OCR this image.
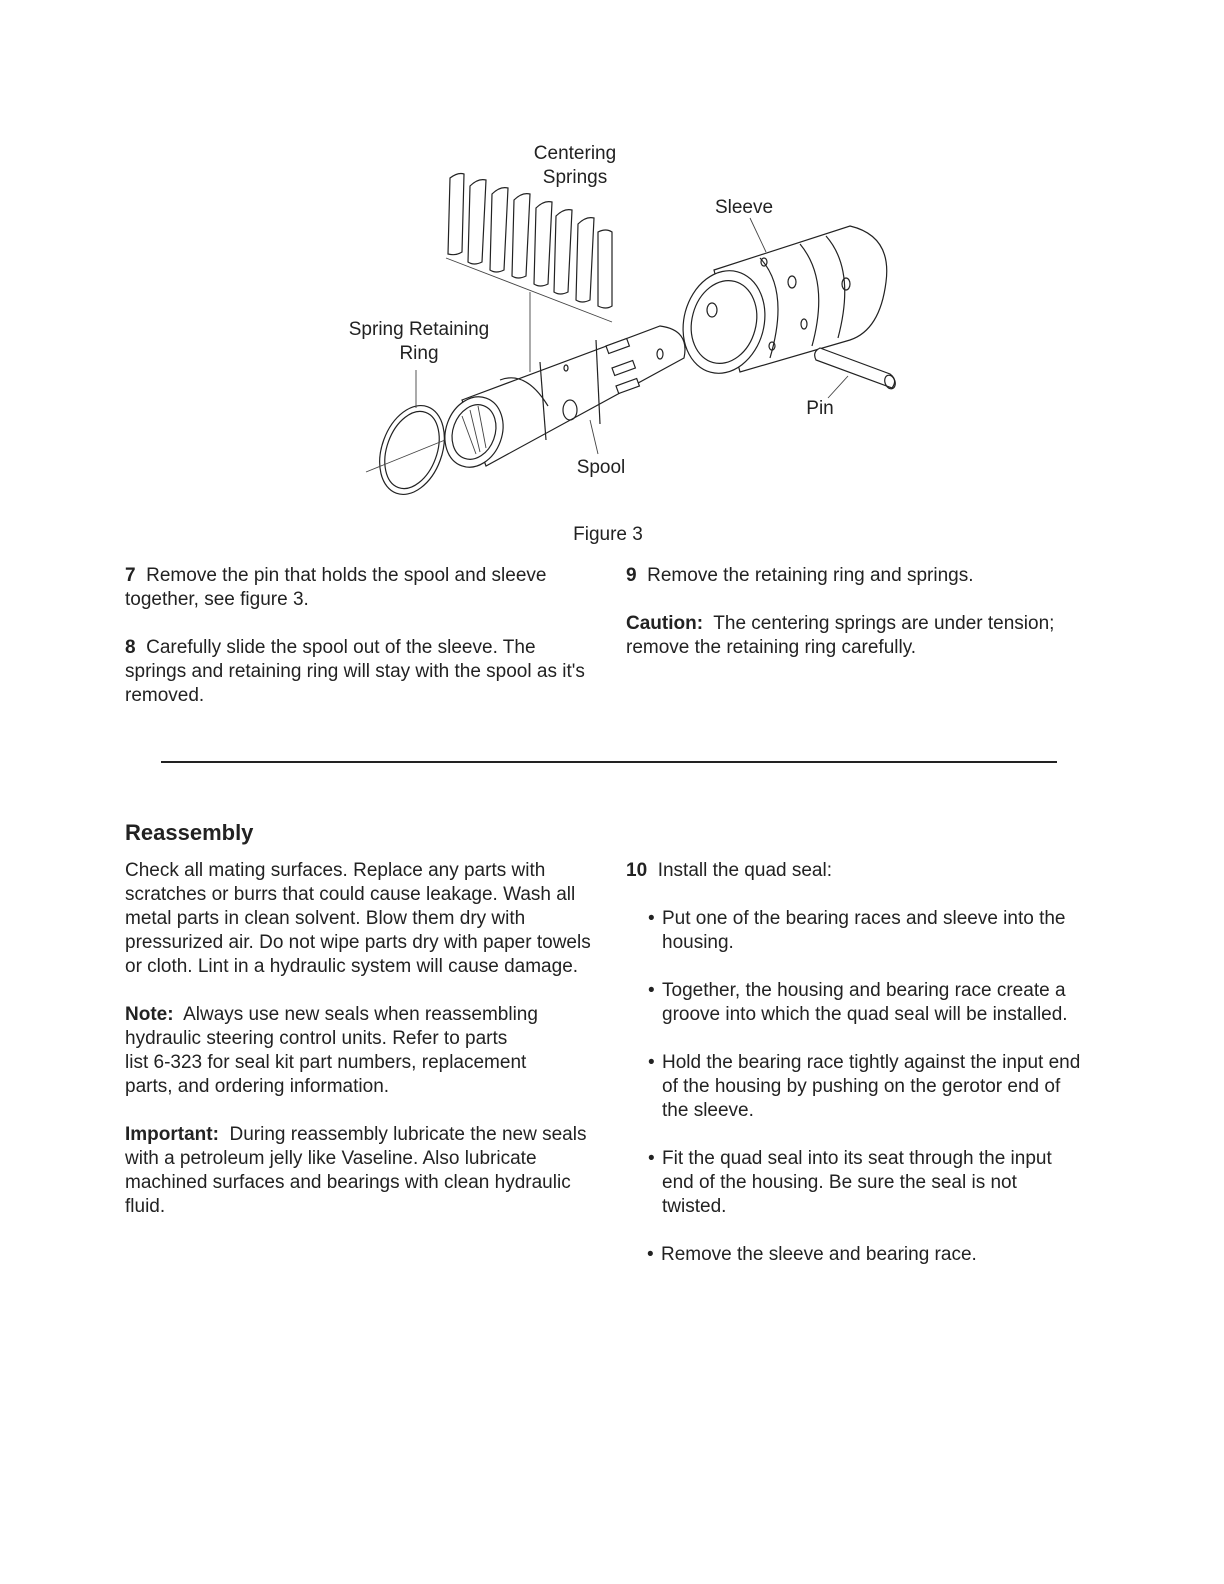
Centering
Springs
Sleeve
Spring Retaining
Ring
Pin
Spool
Figure 3

7 Remove the pin that holds the spool and sleeve together, see figure 3.

8 Carefully slide the spool out of the sleeve. The springs and retaining ring will stay with the spool as it's removed.

9 Remove the retaining ring and springs.

Caution: The centering springs are under tension; remove the retaining ring carefully.

Reassembly

Check all mating surfaces. Replace any parts with scratches or burrs that could cause leakage. Wash all metal parts in clean solvent. Blow them dry with pressurized air. Do not wipe parts dry with paper towels or cloth. Lint in a hydraulic system will cause damage.

Note: Always use new seals when reassembling
hydraulic steering control units. Refer to parts
list 6-323 for seal kit part numbers, replacement
parts, and ordering information.

Important: During reassembly lubricate the new seals with a petroleum jelly like Vaseline. Also lubricate machined surfaces and bearings with clean hydraulic fluid.

10 Install the quad seal:

• Put one of the bearing races and sleeve into the housing.
• Together, the housing and bearing race create a groove into which the quad seal will be installed.
• Hold the bearing race tightly against the input end of the housing by pushing on the gerotor end of the sleeve.
• Fit the quad seal into its seat through the input end of the housing. Be sure the seal is not twisted.
• Remove the sleeve and bearing race.
